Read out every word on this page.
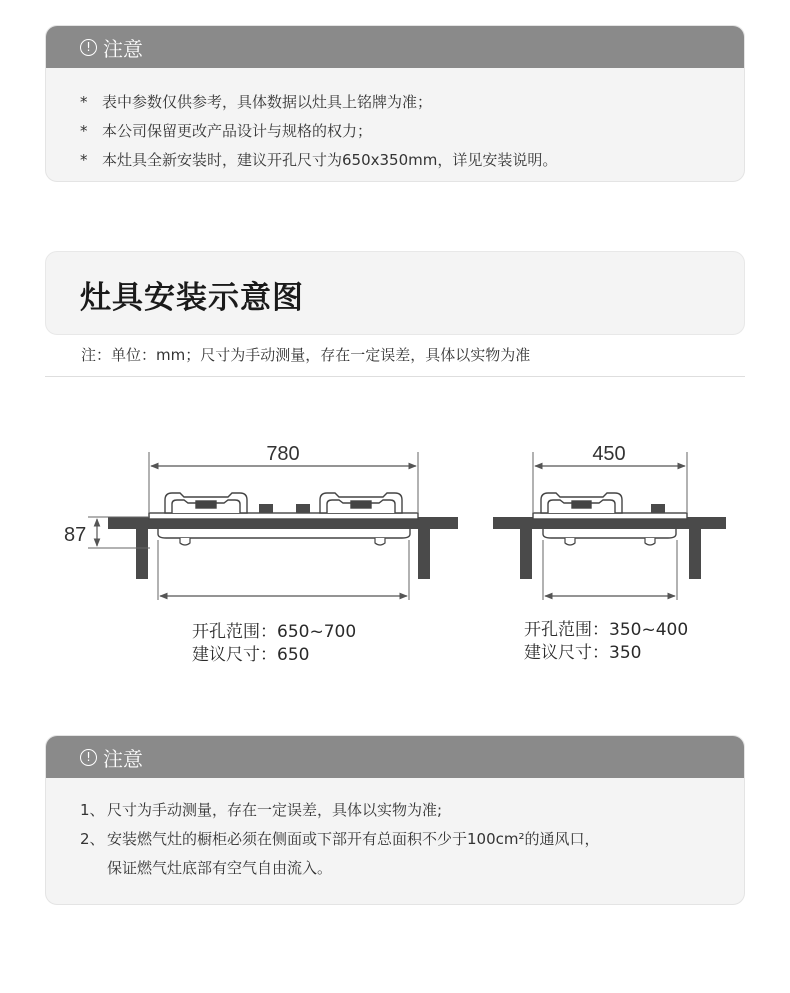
! 注意
* 表中参数仅供参考，具体数据以灶具上铭牌为准；
* 本公司保留更改产品设计与规格的权力；
* 本灶具全新安装时，建议开孔尺寸为650x350mm，详见安装说明。
灶具安装示意图
注：单位：mm；尺寸为手动测量，存在一定误差，具体以实物为准
780
87
450
开孔范围：650~700
建议尺寸：650
开孔范围：350~400
建议尺寸：350
! 注意
1、 尺寸为手动测量，存在一定误差，具体以实物为准;
2、 安装燃气灶的橱柜必须在侧面或下部开有总面积不少于100cm²的通风口，
保证燃气灶底部有空气自由流入。
